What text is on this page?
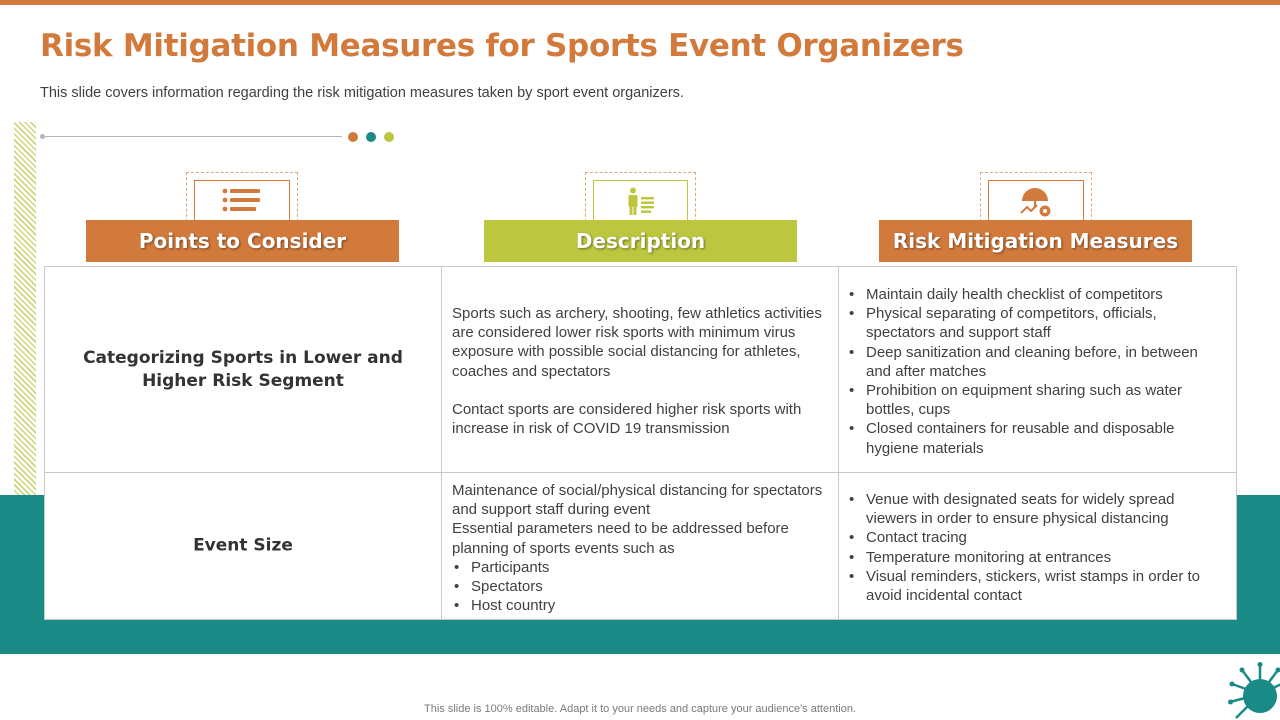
Risk Mitigation Measures for Sports Event Organizers

This slide covers information regarding the risk mitigation measures taken by sport event organizers.

Points to Consider	Description	Risk Mitigation Measures
Categorizing Sports in Lower and Higher Risk Segment

Sports such as archery, shooting, few athletics activities are considered lower risk sports with minimum virus exposure with possible social distancing for athletes, coaches and spectators

Contact sports are considered higher risk sports with increase in risk of COVID 19 transmission

• Maintain daily health checklist of competitors
• Physical separating of competitors, officials, spectators and support staff
• Deep sanitization and cleaning before, in between and after matches
• Prohibition on equipment sharing such as water bottles, cups
• Closed containers for reusable and disposable hygiene materials
Event Size

Maintenance of social/physical distancing for spectators and support staff during event

Essential parameters need to be addressed before planning of sports events such as

• Participants
• Spectators
• Host country
• Venue with designated seats for widely spread viewers in order to ensure physical distancing
• Contact tracing
• Temperature monitoring at entrances
• Visual reminders, stickers, wrist stamps in order to avoid incidental contact

This slide is 100% editable. Adapt it to your needs and capture your audience's attention.
